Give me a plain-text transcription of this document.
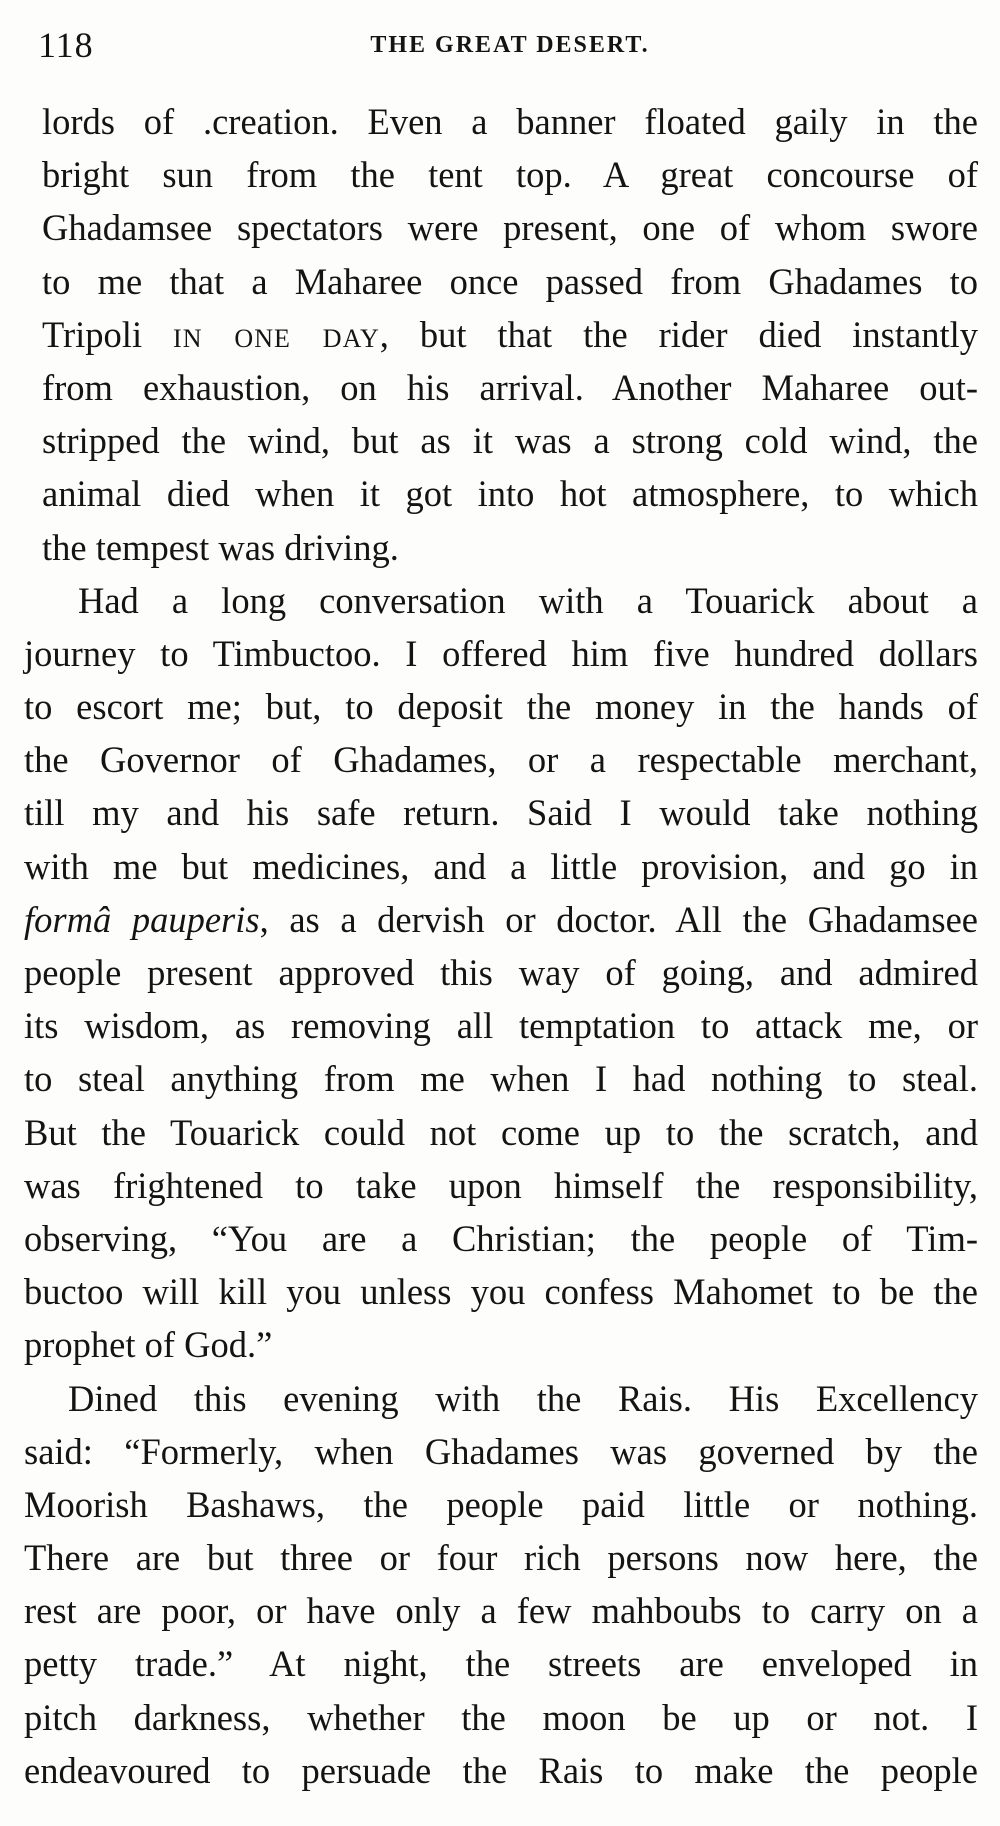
118	THE GREAT DESERT.
lords of .creation. Even a banner floated gaily in the
bright sun from the tent top. A great concourse of
Ghadamsee spectators were present, one of whom swore
to me that a Maharee once passed from Ghadames to
Tripoli in one day, but that the rider died instantly
from exhaustion, on his arrival. Another Maharee out-
stripped the wind, but as it was a strong cold wind, the
animal died when it got into hot atmosphere, to which
the tempest was driving.
Had a long conversation with a Touarick about a
journey to Timbuctoo. I offered him five hundred dollars
to escort me; but, to deposit the money in the hands of
the Governor of Ghadames, or a respectable merchant,
till my and his safe return. Said I would take nothing
with me but medicines, and a little provision, and go in
formâ pauperis, as a dervish or doctor. All the Ghadamsee
people present approved this way of going, and admired
its wisdom, as removing all temptation to attack me, or
to steal anything from me when I had nothing to steal.
But the Touarick could not come up to the scratch, and
was frightened to take upon himself the responsibility,
observing, “You are a Christian; the people of Tim-
buctoo will kill you unless you confess Mahomet to be the
prophet of God.”
Dined this evening with the Rais. His Excellency
said: “Formerly, when Ghadames was governed by the
Moorish Bashaws, the people paid little or nothing.
There are but three or four rich persons now here, the
rest are poor, or have only a few mahboubs to carry on a
petty trade.” At night, the streets are enveloped in
pitch darkness, whether the moon be up or not. I
endeavoured to persuade the Rais to make the people
